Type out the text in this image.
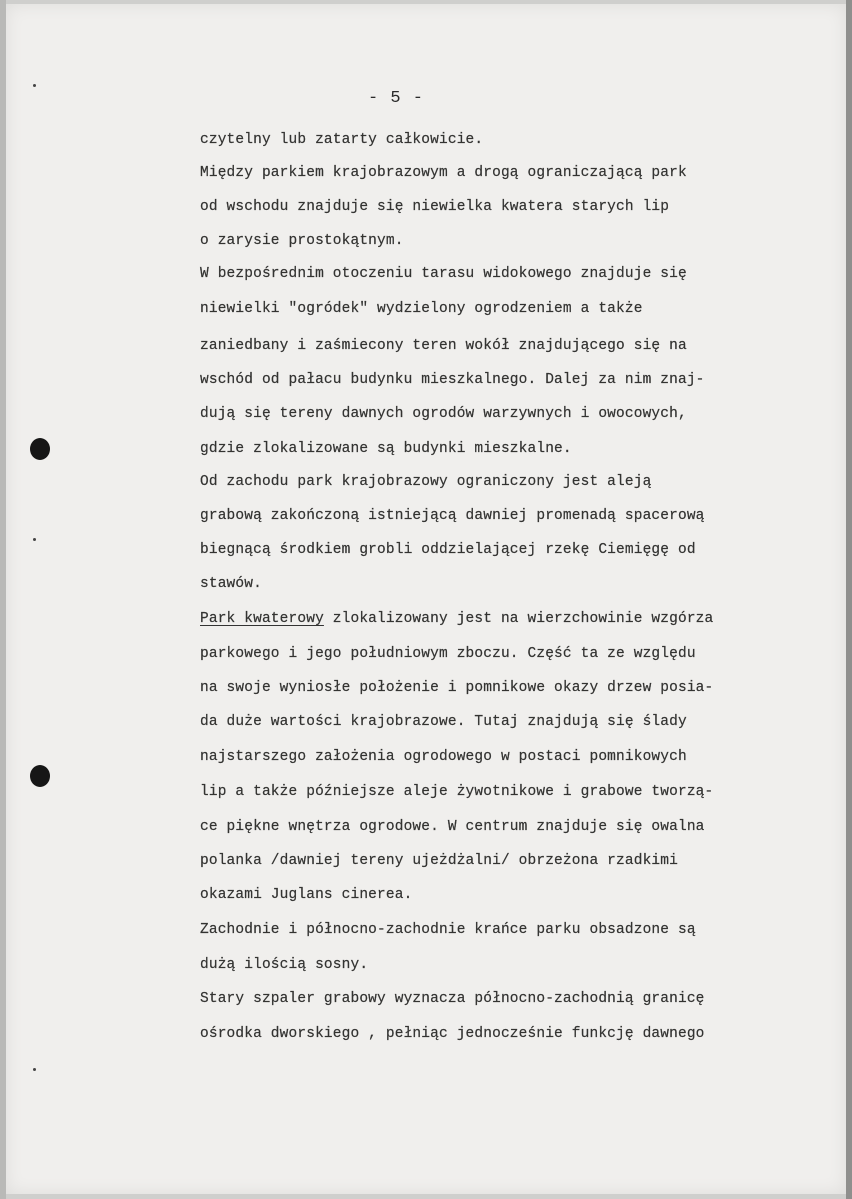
- 5 -
czytelny lub zatarty całkowicie.
Między parkiem krajobrazowym a drogą ograniczającą park
od wschodu znajduje się niewielka kwatera starych lip
o zarysie prostokątnym.
W bezpośrednim otoczeniu tarasu widokowego znajduje się
niewielki "ogródek" wydzielony ogrodzeniem a także
zaniedbany i zaśmiecony teren wokół znajdującego się na
wschód od pałacu budynku mieszkalnego. Dalej za nim znaj-
dują się tereny dawnych ogrodów warzywnych i owocowych,
gdzie zlokalizowane są budynki mieszkalne.
Od zachodu park krajobrazowy ograniczony jest aleją
grabową zakończoną istniejącą dawniej promenadą spacerową
biegnącą środkiem grobli oddzielającej rzekę Ciemięgę od
stawów.
Park kwaterowy zlokalizowany jest na wierzchowinie wzgórza
parkowego i jego południowym zboczu. Część ta ze względu
na swoje wyniosłe położenie i pomnikowe okazy drzew posia-
da duże wartości krajobrazowe. Tutaj znajdują się ślady
najstarszego założenia ogrodowego w postaci pomnikowych
lip a także późniejsze aleje żywotnikowe i grabowe tworzą-
ce piękne wnętrza ogrodowe. W centrum znajduje się owalna
polanka /dawniej tereny ujeżdżalni/ obrzeżona rzadkimi
okazami Juglans cinerea.
Zachodnie i północno-zachodnie krańce parku obsadzone są
dużą ilością sosny.
Stary szpaler grabowy wyznacza północno-zachodnią granicę
ośrodka dworskiego , pełniąc jednocześnie funkcję dawnego
